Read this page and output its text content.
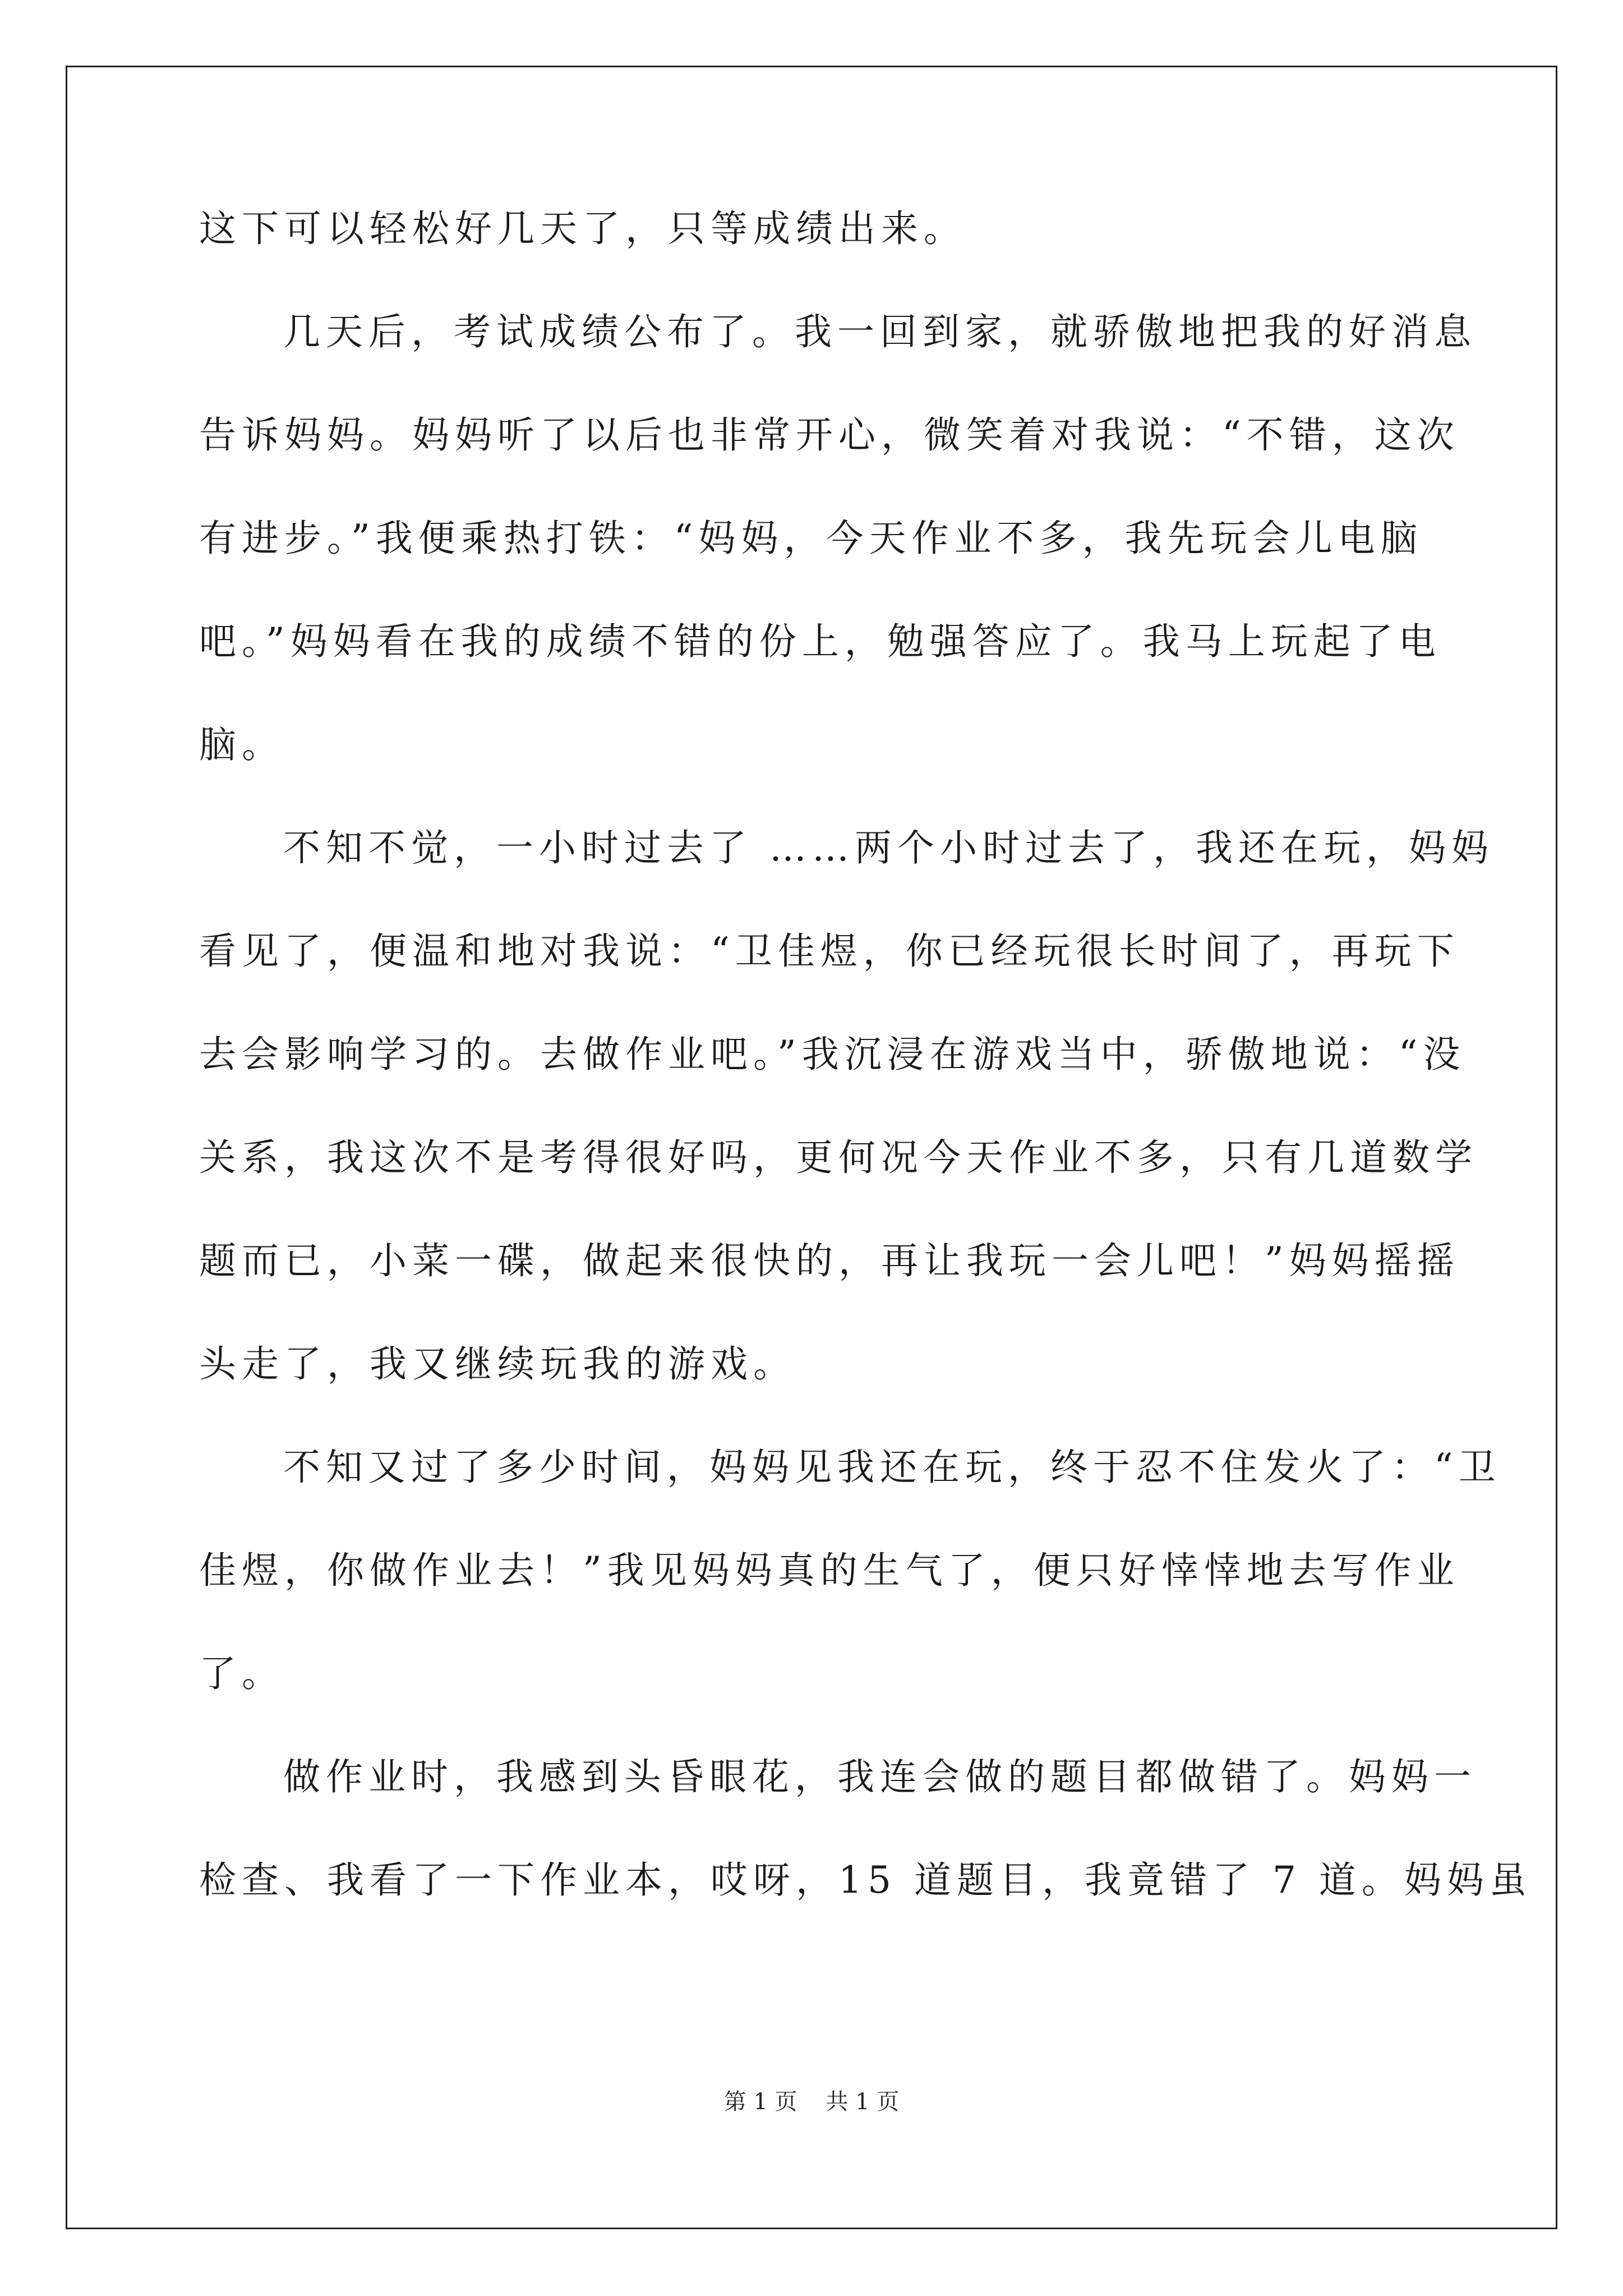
这下可以轻松好几天了，只等成绩出来。
几天后，考试成绩公布了。我一回到家，就骄傲地把我的好消息
告诉妈妈。妈妈听了以后也非常开心，微笑着对我说：“不错，这次
有进步。”我便乘热打铁：“妈妈，今天作业不多，我先玩会儿电脑
吧。”妈妈看在我的成绩不错的份上，勉强答应了。我马上玩起了电
脑。
不知不觉，一小时过去了 ……两个小时过去了，我还在玩，妈妈
看见了，便温和地对我说：“卫佳煜，你已经玩很长时间了，再玩下
去会影响学习的。去做作业吧。”我沉浸在游戏当中，骄傲地说：“没
关系，我这次不是考得很好吗，更何况今天作业不多，只有几道数学
题而已，小菜一碟，做起来很快的，再让我玩一会儿吧！”妈妈摇摇
头走了，我又继续玩我的游戏。
不知又过了多少时间，妈妈见我还在玩，终于忍不住发火了：“卫
佳煜，你做作业去！”我见妈妈真的生气了，便只好悻悻地去写作业
了。
做作业时，我感到头昏眼花，我连会做的题目都做错了。妈妈一
检查、我看了一下作业本，哎呀，15 道题目，我竟错了 7 道。妈妈虽
第 1 页 共 1 页
